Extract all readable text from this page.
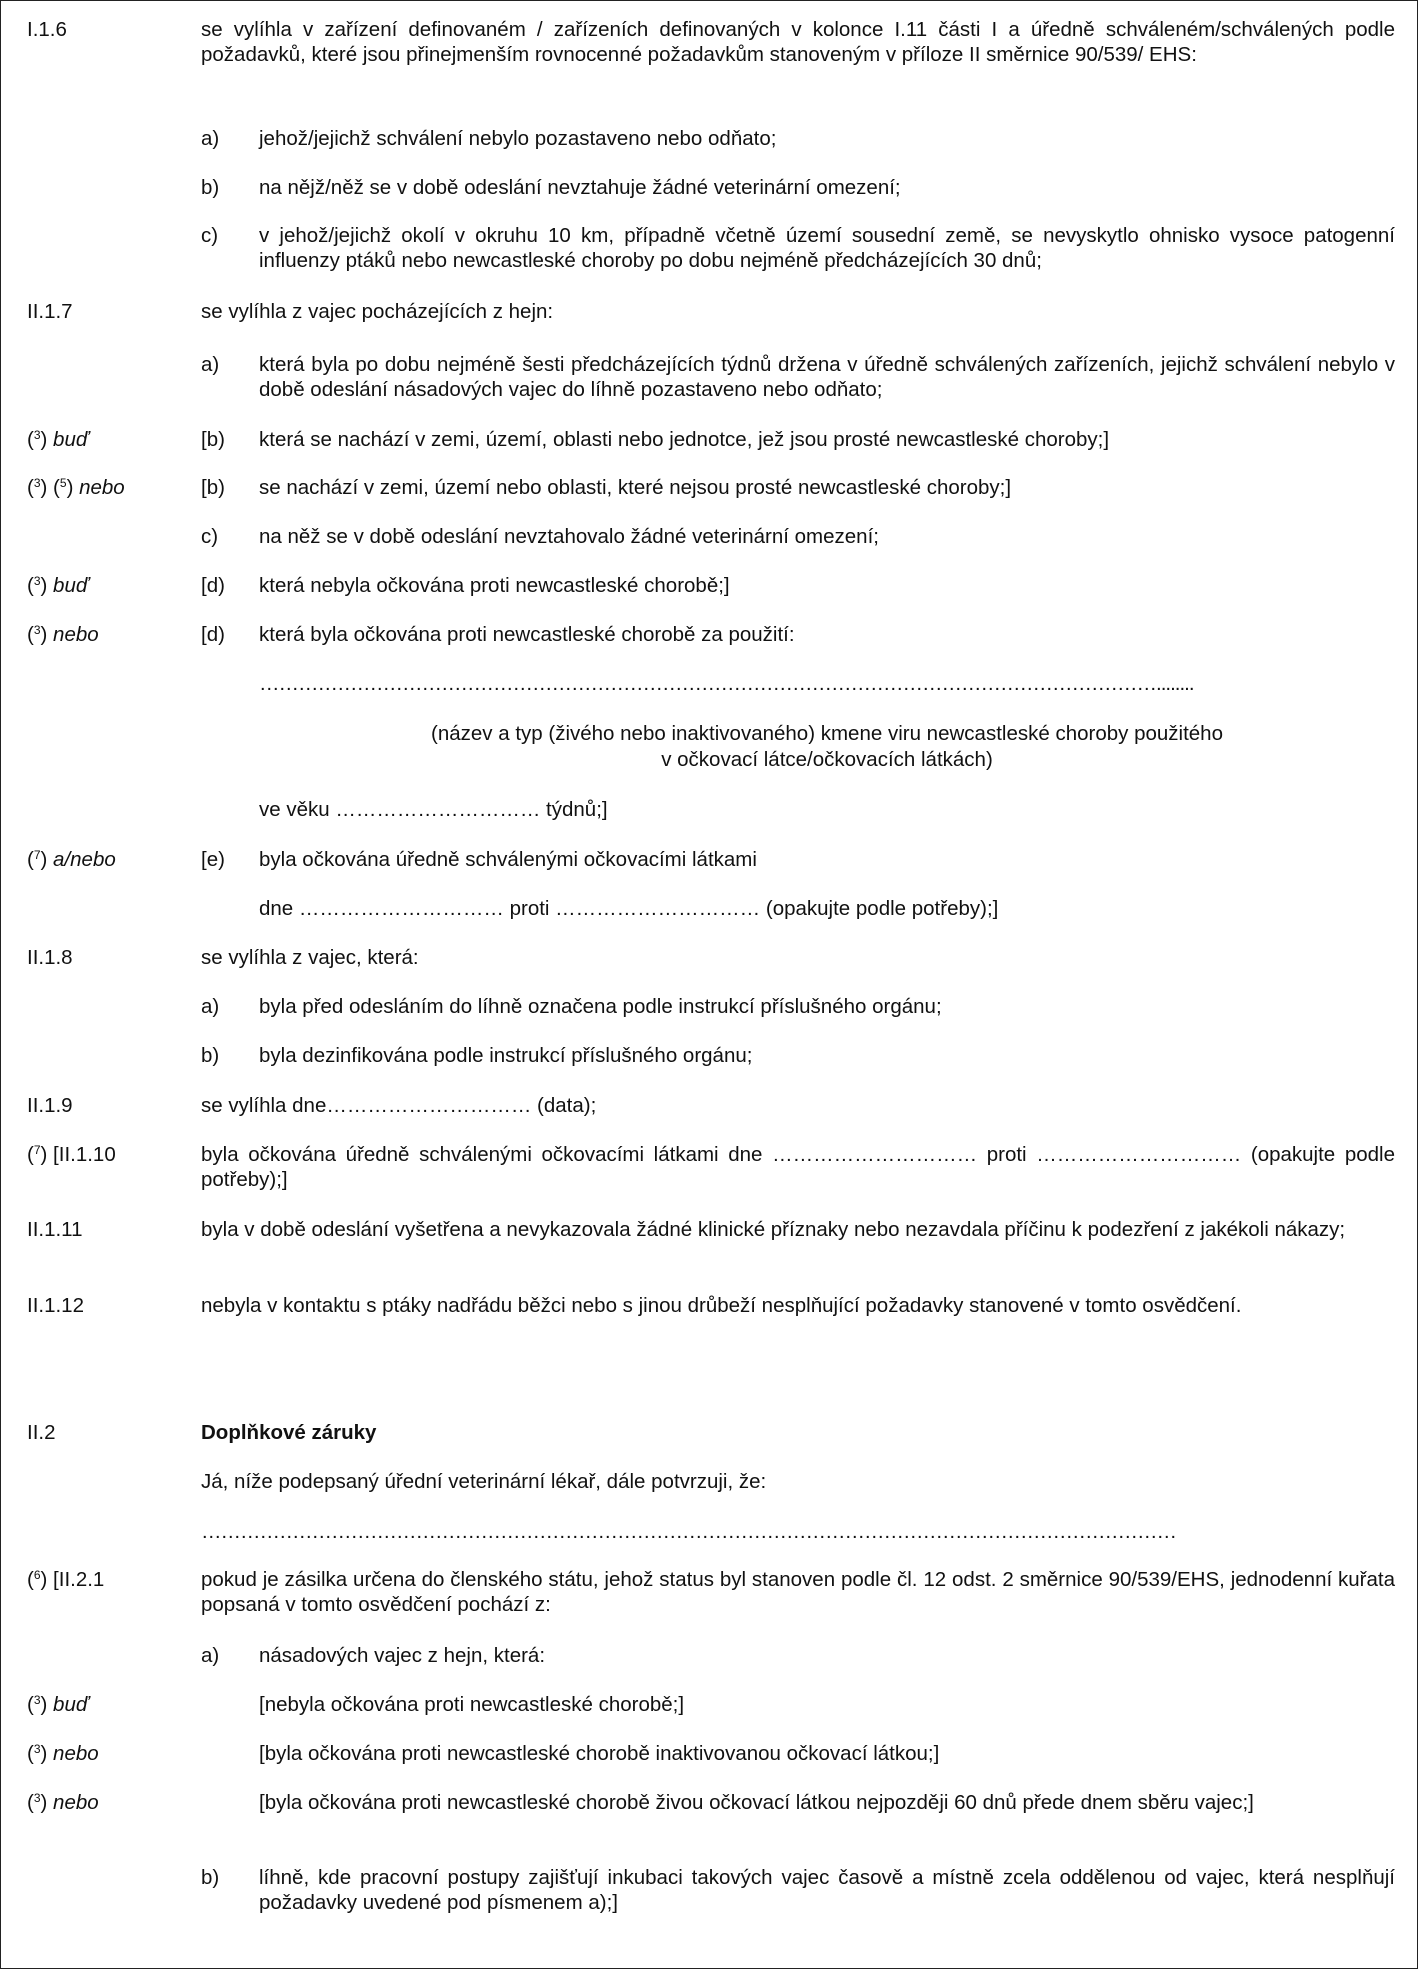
I.1.6	se vylíhla v zařízení definovaném / zařízeních definovaných v kolonce I.11 části I a úředně schváleném/schválených podle požadavků, které jsou přinejmenším rovnocenné požadavkům stanoveným v příloze II směrnice 90/539/ EHS:
a) jehož/jejichž schválení nebylo pozastaveno nebo odňato;
b) na nějž/něž se v době odeslání nevztahuje žádné veterinární omezení;
c) v jehož/jejichž okolí v okruhu 10 km, případně včetně území sousední země, se nevyskytlo ohnisko vysoce patogenní influenzy ptáků nebo newcastleské choroby po dobu nejméně předcházejících 30 dnů;
II.1.7	se vylíhla z vajec pocházejících z hejn:
a) která byla po dobu nejméně šesti předcházejících týdnů držena v úředně schválených zařízeních, jejichž schválení nebylo v době odeslání násadových vajec do líhně pozastaveno nebo odňato;
($^3$) buď	[b) která se nachází v zemi, území, oblasti nebo jednotce, jež jsou prosté newcastleské choroby;]
($^3$) ($^5$) nebo	[b) se nachází v zemi, území nebo oblasti, které nejsou prosté newcastleské choroby;]
c) na něž se v době odeslání nevztahovalo žádné veterinární omezení;
($^3$) buď	[d) která nebyla očkována proti newcastleské chorobě;]
($^3$) nebo	[d) která byla očkována proti newcastleské chorobě za použití:
…………………………………………………………………………………………………………………………........
(název a typ (živého nebo inaktivovaného) kmene viru newcastleské choroby použitého
v očkovací látce/očkovacích látkách)
ve věku ………………………… týdnů;]
($^7$) a/nebo	[e) byla očkována úředně schválenými očkovacími látkami
dne ………………………… proti ………………………… (opakujte podle potřeby);]
II.1.8	se vylíhla z vajec, která:
a) byla před odesláním do líhně označena podle instrukcí příslušného orgánu;
b) byla dezinfikována podle instrukcí příslušného orgánu;
II.1.9	se vylíhla dne………………………… (data);
($^7$) [II.1.10	byla očkována úředně schválenými očkovacími látkami dne ………………………… proti ………………………… (opakujte podle potřeby);]
II.1.11	byla v době odeslání vyšetřena a nevykazovala žádné klinické příznaky nebo nezavdala příčinu k podezření z jakékoli nákazy;
II.1.12	nebyla v kontaktu s ptáky nadřádu běžci nebo s jinou drůbeží nesplňující požadavky stanovené v tomto osvědčení.
II.2	Doplňkové záruky
Já, níže podepsaný úřední veterinární lékař, dále potvrzuji, že:
……………………………………………………………………………………………………………………………………
($^6$) [II.2.1	pokud je zásilka určena do členského státu, jehož status byl stanoven podle čl. 12 odst. 2 směrnice 90/539/EHS, jednodenní kuřata popsaná v tomto osvědčení pochází z:
a) násadových vajec z hejn, která:
($^3$) buď	[nebyla očkována proti newcastleské chorobě;]
($^3$) nebo	[byla očkována proti newcastleské chorobě inaktivovanou očkovací látkou;]
($^3$) nebo	[byla očkována proti newcastleské chorobě živou očkovací látkou nejpozději 60 dnů přede dnem sběru vajec;]
b) líhně, kde pracovní postupy zajišťují inkubaci takových vajec časově a místně zcela oddělenou od vajec, která nesplňují požadavky uvedené pod písmenem a);]
